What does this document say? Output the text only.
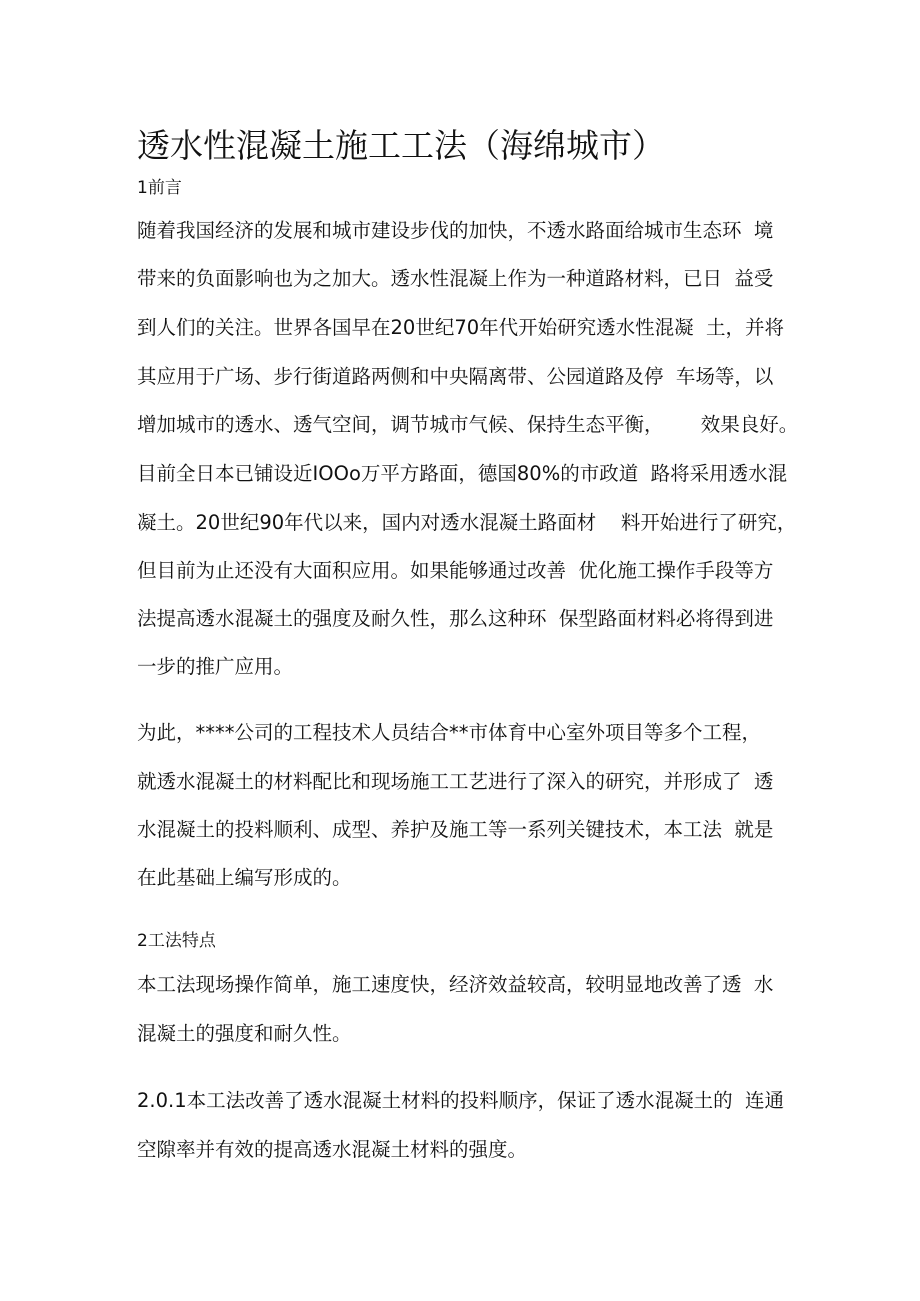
透水性混凝土施工工法（海绵城市）
1前言

随着我国经济的发展和城市建设步伐的加快，不透水路面给城市生态环  境

带来的负面影响也为之加大。透水性混凝上作为一种道路材料，已日  益受

到人们的关注。世界各国早在20世纪70年代开始研究透水性混凝  土，并将

其应用于广场、步行街道路两侧和中央隔离带、公园道路及停  车场等，以

增加城市的透水、透气空间，调节城市气候、保持生态平衡，      效果良好。

目前全日本已铺设近IOOo万平方路面，德国80%的市政道  路将采用透水混

凝土。20世纪90年代以来，国内对透水混凝土路面材    料开始进行了研究，

但目前为止还没有大面积应用。如果能够通过改善  优化施工操作手段等方

法提高透水混凝土的强度及耐久性，那么这种环  保型路面材料必将得到进

一步的推广应用。

为此，****公司的工程技术人员结合**市体育中心室外项目等多个工程，

就透水混凝土的材料配比和现场施工工艺进行了深入的研究，并形成了  透

水混凝土的投料顺利、成型、养护及施工等一系列关键技术，本工法  就是

在此基础上编写形成的。

2工法特点

本工法现场操作简单，施工速度快，经济效益较高，较明显地改善了透  水

混凝土的强度和耐久性。

2.0.1本工法改善了透水混凝土材料的投料顺序，保证了透水混凝土的  连通

空隙率并有效的提高透水混凝土材料的强度。
